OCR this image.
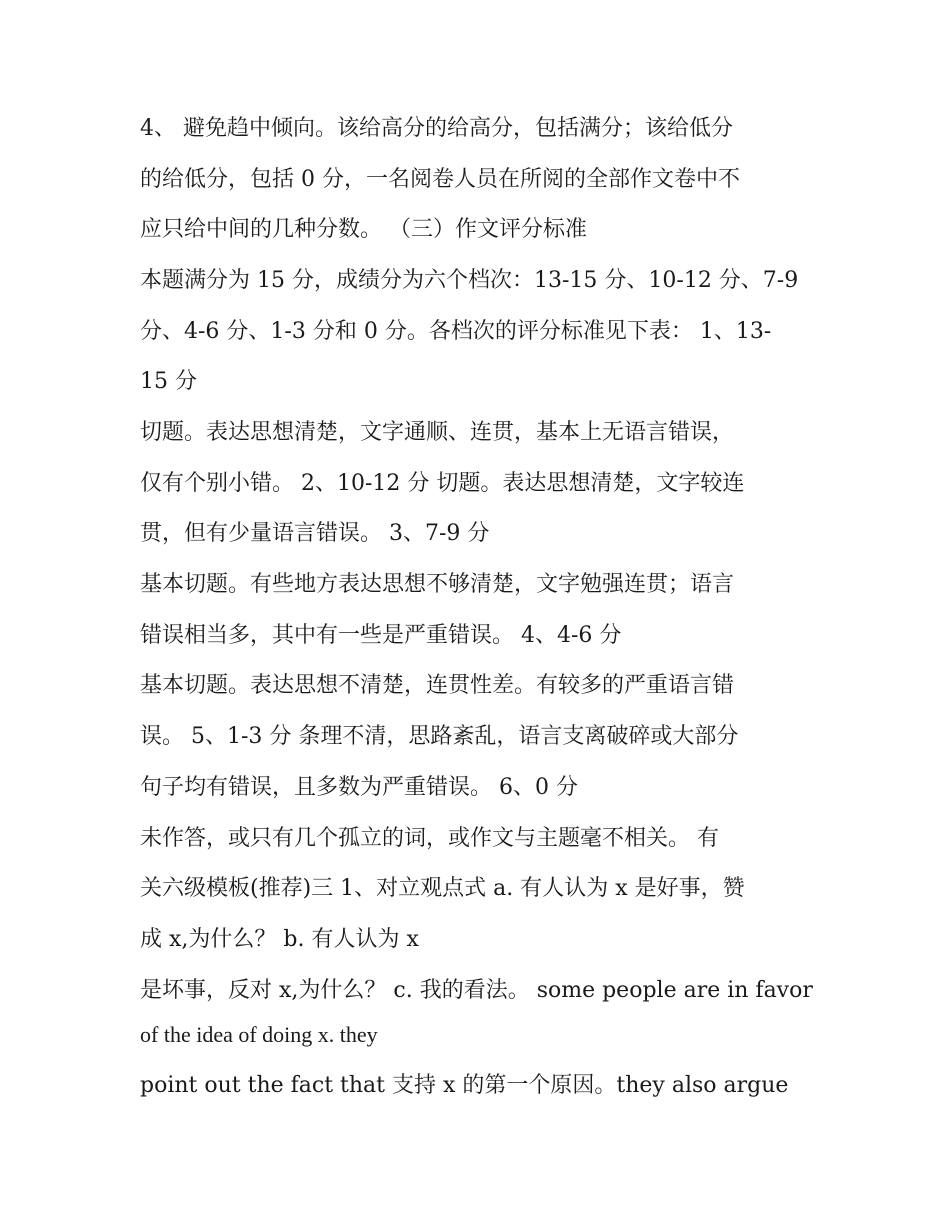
4、 避免趋中倾向。该给高分的给高分，包括满分；该给低分

的给低分，包括 0 分，一名阅卷人员在所阅的全部作文卷中不

应只给中间的几种分数。 （三）作文评分标准

本题满分为 15 分，成绩分为六个档次：13-15 分、10-12 分、7-9

分、4-6 分、1-3 分和 0 分。各档次的评分标准见下表： 1、13-

15 分

切题。表达思想清楚，文字通顺、连贯，基本上无语言错误，

仅有个别小错。 2、10-12 分 切题。表达思想清楚，文字较连

贯，但有少量语言错误。 3、7-9 分

基本切题。有些地方表达思想不够清楚，文字勉强连贯；语言

错误相当多，其中有一些是严重错误。 4、4-6 分

基本切题。表达思想不清楚，连贯性差。有较多的严重语言错

误。 5、1-3 分 条理不清，思路紊乱，语言支离破碎或大部分

句子均有错误，且多数为严重错误。 6、0 分

未作答，或只有几个孤立的词，或作文与主题毫不相关。 有

关六级模板(推荐)三 1、对立观点式 a. 有人认为 x 是好事，赞

成 x,为什么？ b. 有人认为 x

是坏事，反对 x,为什么？ c. 我的看法。 some people are in favor

of the idea of doing x. they

point out the fact that 支持 x 的第一个原因。they also argue
